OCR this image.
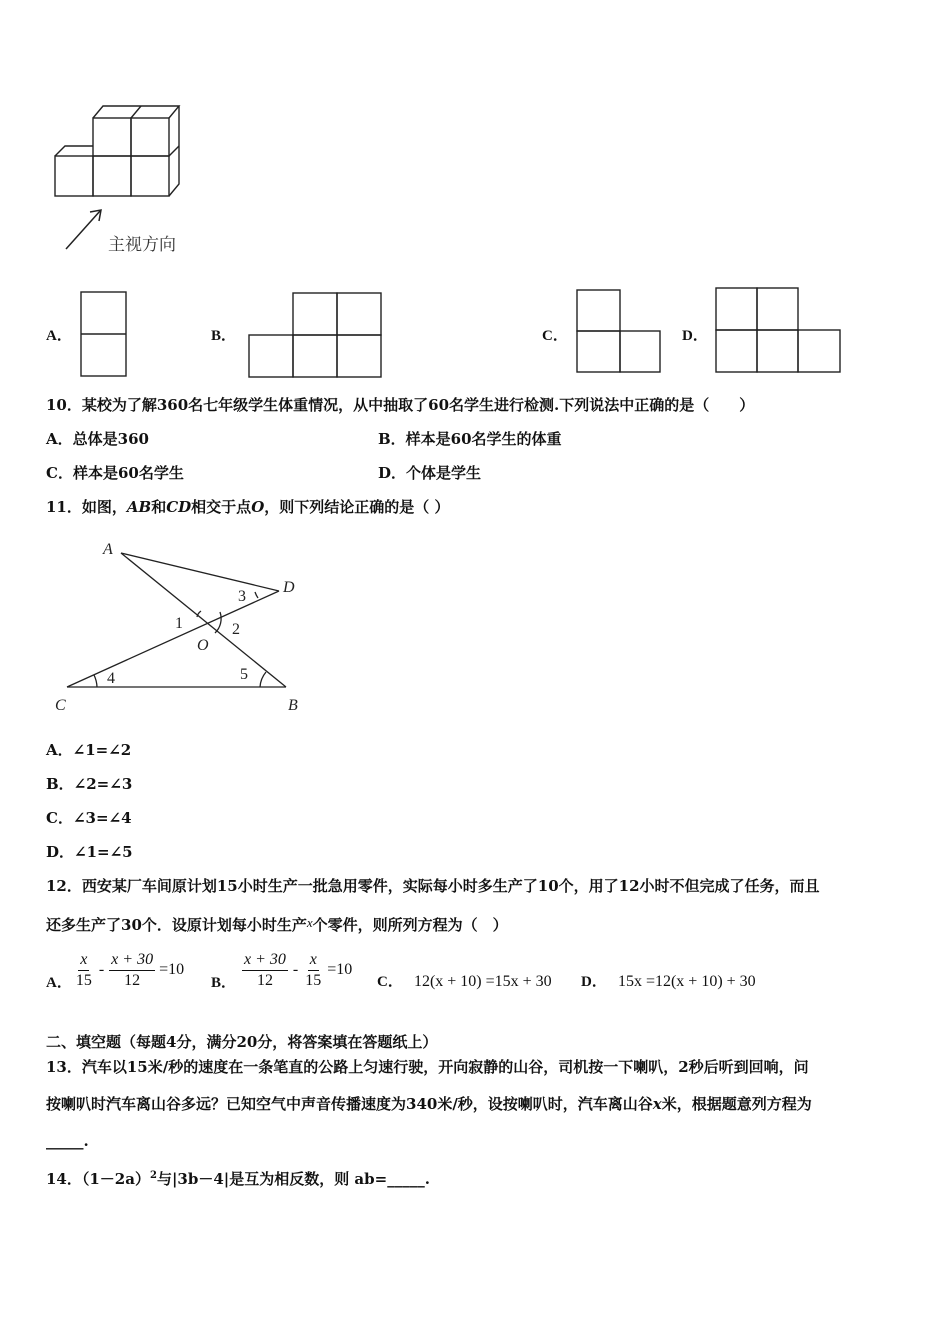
主视方向
A．	B．	C．	D．
10．某校为了解360名七年级学生体重情况，从中抽取了60名学生进行检测.下列说法中正确的是（　　）
A．总体是360	B．样本是60名学生的体重
C．样本是60名学生	D．个体是学生
11．如图，AB和CD相交于点O，则下列结论正确的是（ ）
A
D
O
C	B
1	2
3
4	5
A．∠1=∠2
B．∠2=∠3
C．∠3=∠4
D．∠1=∠5
12．西安某厂车间原计划15小时生产一批急用零件，实际每小时多生产了10个，用了12小时不但完成了任务，而且
还多生产了30个．设原计划每小时生产x个零件，则所列方程为（　）
A． $\frac{x}{15} - \frac{x + 30}{12} =10$
B． $\frac{x + 30}{12} - \frac{x}{15} =10$
C． 12(x + 10) =15x + 30 D． 15x =12(x + 10) + 30
二、填空题（每题4分，满分20分，将答案填在答题纸上）
13．汽车以15米/秒的速度在一条笔直的公路上匀速行驶，开向寂静的山谷，司机按一下喇叭，2秒后听到回响，问
按喇叭时汽车离山谷多远？已知空气中声音传播速度为340米/秒，设按喇叭时，汽车离山谷x米，根据题意列方程为
_____.
14．$(1-2a)^2$与|3b－4|是互为相反数，则 ab=_____.
